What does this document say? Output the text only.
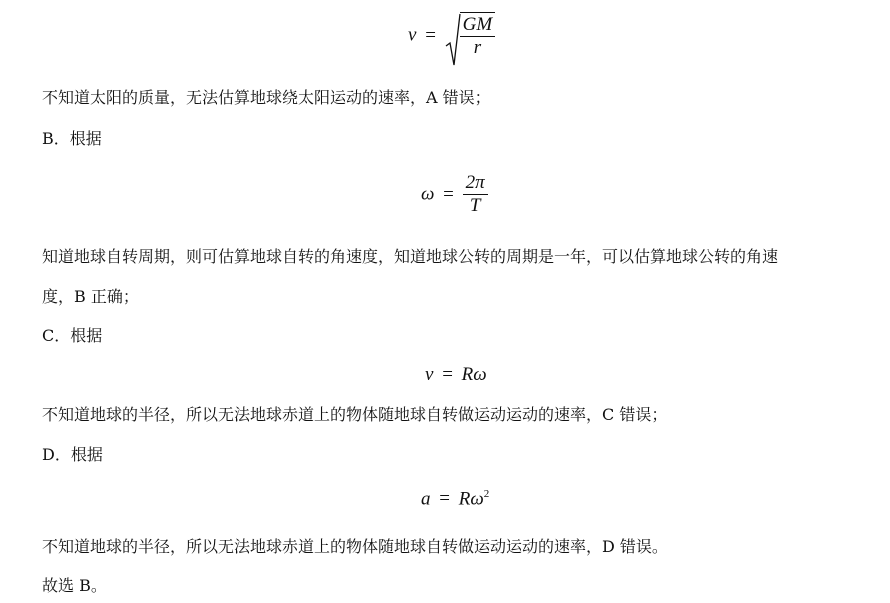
$v = \frac{GM}{r}$
不知道太阳的质量，无法估算地球绕太阳运动的速率，A 错误；
B．根据
$\omega = \frac{2\pi}{T}$
知道地球自转周期，则可估算地球自转的角速度，知道地球公转的周期是一年，可以估算地球公转的角速
度，B 正确；
C．根据
v = Rω
不知道地球的半径，所以无法地球赤道上的物体随地球自转做运动运动的速率，C 错误；
D．根据
$a = R\omega^2$
不知道地球的半径，所以无法地球赤道上的物体随地球自转做运动运动的速率，D 错误。
故选 B。
